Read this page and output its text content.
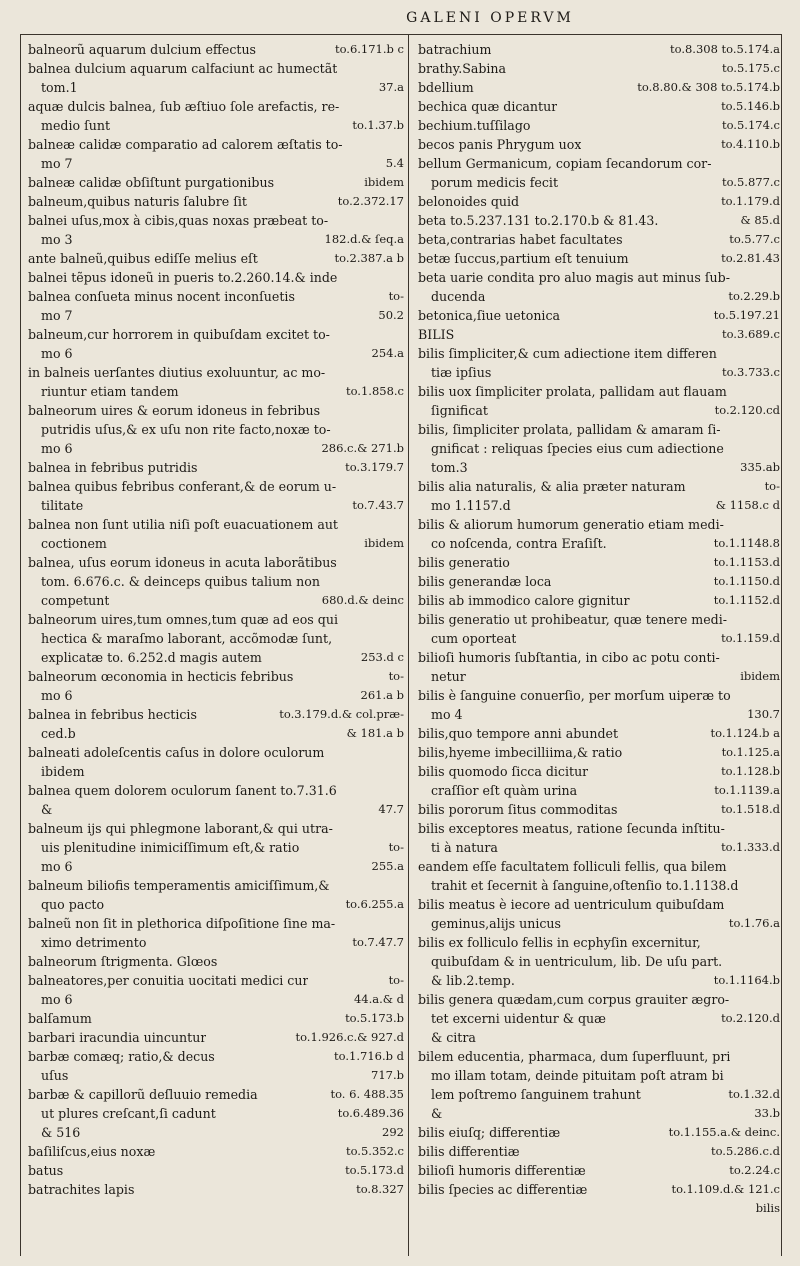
GALENI OPERVM
balneorũ aquarum dulcium effectus	to.6.171.b c
balnea dulcium aquarum calfaciunt ac humectãt
tom.1	37.a
aquæ dulcis balnea, ſub æſtiuo ſole arefactis, re-
medio ſunt	to.1.37.b
balneæ calidæ comparatio ad calorem æſtatis to-
mo 7	5.4
balneæ calidæ obſiſtunt purgationibus	ibidem
balneum,quibus naturis ſalubre ſit	to.2.372.17
balnei uſus,mox à cibis,quas noxas præbeat to-
mo 3	182.d.& ſeq.a
ante balneũ,quibus ediſſe melius eſt	to.2.387.a b
balnei tẽpus idoneũ in pueris to.2.260.14.& inde
balnea conſueta minus nocent inconſuetis	to-
mo 7	50.2
balneum,cur horrorem in quibuſdam excitet to-
mo 6	254.a
in balneis uerſantes diutius exoluuntur, ac mo-
riuntur etiam tandem	to.1.858.c
balneorum uires & eorum idoneus in febribus
putridis uſus,& ex uſu non rite facto,noxæ to-
mo 6	286.c.& 271.b
balnea in febribus putridis	to.3.179.7
balnea quibus febribus conferant,& de eorum u-
tilitate	to.7.43.7
balnea non ſunt utilia niſi poſt euacuationem aut
coctionem	ibidem
balnea, uſus eorum idoneus in acuta laborãtibus
tom. 6.676.c. & deinceps quibus talium non
competunt	680.d.& deinc
balneorum uires,tum omnes,tum quæ ad eos qui
hectica & maraſmo laborant, accõmodæ ſunt,
explicatæ to. 6.252.d magis autem	253.d c
balneorum œconomia in hecticis febribus	to-
mo 6	261.a b
balnea in febribus hecticis	to.3.179.d.& col.præ-
ced.b	& 181.a b
balneati adoleſcentis caſus in dolore oculorum
ibidem
balnea quem dolorem oculorum ſanent to.7.31.6
&	47.7
balneum ijs qui phlegmone laborant,& qui utra-
uis plenitudine inimiciſſimum eſt,& ratio	to-
mo 6	255.a
balneum biliofis temperamentis amiciſſimum,&
quo pacto	to.6.255.a
balneũ non ſit in plethorica diſpoſitione ſine ma-
ximo detrimento	to.7.47.7
balneorum ſtrigmenta. Glœos
balneatores,per conuitia uocitati medici cur	to-
mo 6	44.a.& d
balſamum	to.5.173.b
barbari iracundia uincuntur	to.1.926.c.& 927.d
barbæ comæq; ratio,& decus	to.1.716.b d
uſus	717.b
barbæ & capillorũ deſluuio remedia	to. 6. 488.35
ut plures creſcant,ſi cadunt	to.6.489.36
& 516	292
baſiliſcus,eius noxæ	to.5.352.c
batus	to.5.173.d
batrachites lapis	to.8.327
batrachium	to.8.308 to.5.174.a
brathy.Sabina	to.5.175.c
bdellium	to.8.80.& 308 to.5.174.b
bechica quæ dicantur	to.5.146.b
bechium.tuſſilago	to.5.174.c
becos panis Phrygum uox	to.4.110.b
bellum Germanicum, copiam ſecandorum cor-
porum medicis fecit	to.5.877.c
belonoides quid	to.1.179.d
beta to.5.237.131 to.2.170.b & 81.43.	& 85.d
beta,contrarias habet facultates	to.5.77.c
betæ ſuccus,partium eſt tenuium	to.2.81.43
beta uarie condita pro aluo magis aut minus ſub-
ducenda	to.2.29.b
betonica,ſiue uetonica	to.5.197.21
BILIS	to.3.689.c
bilis ſimpliciter,& cum adiectione item differen
tiæ ipſius	to.3.733.c
bilis uox ſimpliciter prolata, pallidam aut flauam
ſignificat	to.2.120.cd
bilis, ſimpliciter prolata, pallidam & amaram ſi-
gnificat : reliquas ſpecies eius cum adiectione
tom.3	335.ab
bilis alia naturalis, & alia præter naturam	to-
mo 1.1157.d	& 1158.c d
bilis & aliorum humorum generatio etiam medi-
co noſcenda, contra Eraſiſt.	to.1.1148.8
bilis generatio	to.1.1153.d
bilis generandæ loca	to.1.1150.d
bilis ab immodico calore gignitur	to.1.1152.d
bilis generatio ut prohibeatur, quæ tenere medi-
cum oporteat	to.1.159.d
bilioſi humoris ſubſtantia, in cibo ac potu conti-
netur	ibidem
bilis è ſanguine conuerſio, per morſum uiperæ to
mo 4	130.7
bilis,quo tempore anni abundet	to.1.124.b a
bilis,hyeme imbecilliima,& ratio	to.1.125.a
bilis quomodo ſicca dicitur	to.1.128.b
craſſior eſt quàm urina	to.1.1139.a
bilis pororum ſitus commoditas	to.1.518.d
bilis exceptores meatus, ratione ſecunda inſtitu-
ti à natura	to.1.333.d
eandem eſſe facultatem folliculi fellis, qua bilem
trahit et ſecernit à ſanguine,oſtenſio to.1.1138.d
bilis meatus è iecore ad uentriculum quibuſdam
geminus,alijs unicus	to.1.76.a
bilis ex folliculo fellis in ecphyſin excernitur,
quibuſdam & in uentriculum, lib. De uſu part.
& lib.2.temp.	to.1.1164.b
bilis genera quædam,cum corpus grauiter ægro-
tet excerni uidentur & quæ	to.2.120.d
& citra
bilem educentia, pharmaca, dum ſuperfluunt, pri
mo illam totam, deinde pituitam poſt atram bi
lem poſtremo ſanguinem trahunt	to.1.32.d
&	33.b
bilis eiuſq; differentiæ	to.1.155.a.& deinc.
bilis differentiæ	to.5.286.c.d
bilioſi humoris differentiæ	to.2.24.c
bilis ſpecies ac differentiæ	to.1.109.d.& 121.c
bilis
